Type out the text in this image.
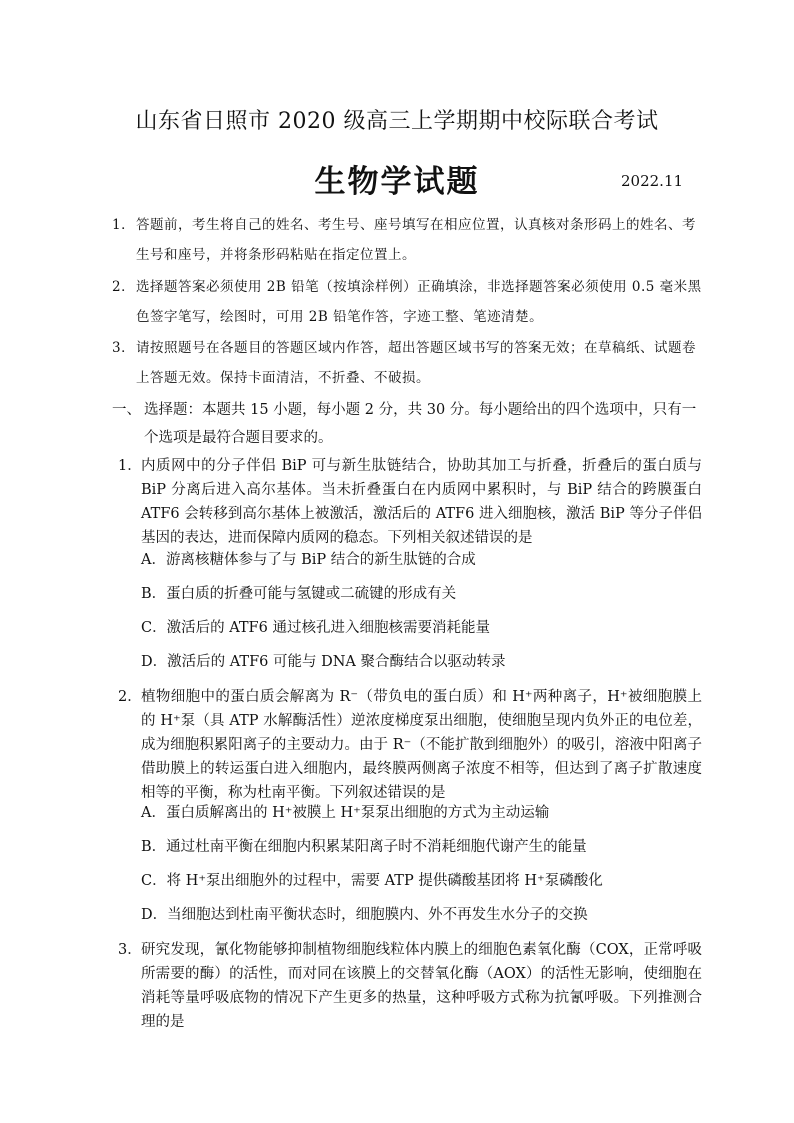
山东省日照市 2020 级高三上学期期中校际联合考试
生物学试题	2022.11
1． 答题前，考生将自己的姓名、考生号、座号填写在相应位置，认真核对条形码上的姓名、考生号和座号，并将条形码粘贴在指定位置上。
2． 选择题答案必须使用 2B 铅笔（按填涂样例）正确填涂，非选择题答案必须使用 0.5 毫米黑色签字笔写，绘图时，可用 2B 铅笔作答，字迹工整、笔迹清楚。
3． 请按照题号在各题目的答题区域内作答，超出答题区域书写的答案无效；在草稿纸、试题卷上答题无效。保持卡面清洁，不折叠、不破损。
一、 选择题：本题共 15 小题，每小题 2 分，共 30 分。每小题给出的四个选项中，只有一个选项是最符合题目要求的。
1． 内质网中的分子伴侣 BiP 可与新生肽链结合，协助其加工与折叠，折叠后的蛋白质与 BiP 分离后进入高尔基体。当未折叠蛋白在内质网中累积时，与 BiP 结合的跨膜蛋白 ATF6 会转移到高尔基体上被激活，激活后的 ATF6 进入细胞核，激活 BiP 等分子伴侣基因的表达，进而保障内质网的稳态。下列相关叙述错误的是
A．游离核糖体参与了与 BiP 结合的新生肽链的合成
B．蛋白质的折叠可能与氢键或二硫键的形成有关
C．激活后的 ATF6 通过核孔进入细胞核需要消耗能量
D．激活后的 ATF6 可能与 DNA 聚合酶结合以驱动转录
2． 植物细胞中的蛋白质会解离为 R⁻（带负电的蛋白质）和 H⁺两种离子，H⁺被细胞膜上的 H⁺泵（具 ATP 水解酶活性）逆浓度梯度泵出细胞，使细胞呈现内负外正的电位差，成为细胞积累阳离子的主要动力。由于 R⁻（不能扩散到细胞外）的吸引，溶液中阳离子借助膜上的转运蛋白进入细胞内，最终膜两侧离子浓度不相等，但达到了离子扩散速度相等的平衡，称为杜南平衡。下列叙述错误的是
A．蛋白质解离出的 H⁺被膜上 H⁺泵泵出细胞的方式为主动运输
B．通过杜南平衡在细胞内积累某阳离子时不消耗细胞代谢产生的能量
C．将 H⁺泵出细胞外的过程中，需要 ATP 提供磷酸基团将 H⁺泵磷酸化
D．当细胞达到杜南平衡状态时，细胞膜内、外不再发生水分子的交换
3． 研究发现，氰化物能够抑制植物细胞线粒体内膜上的细胞色素氧化酶（COX，正常呼吸所需要的酶）的活性，而对同在该膜上的交替氧化酶（AOX）的活性无影响，使细胞在消耗等量呼吸底物的情况下产生更多的热量，这种呼吸方式称为抗氰呼吸。下列推测合理的是
